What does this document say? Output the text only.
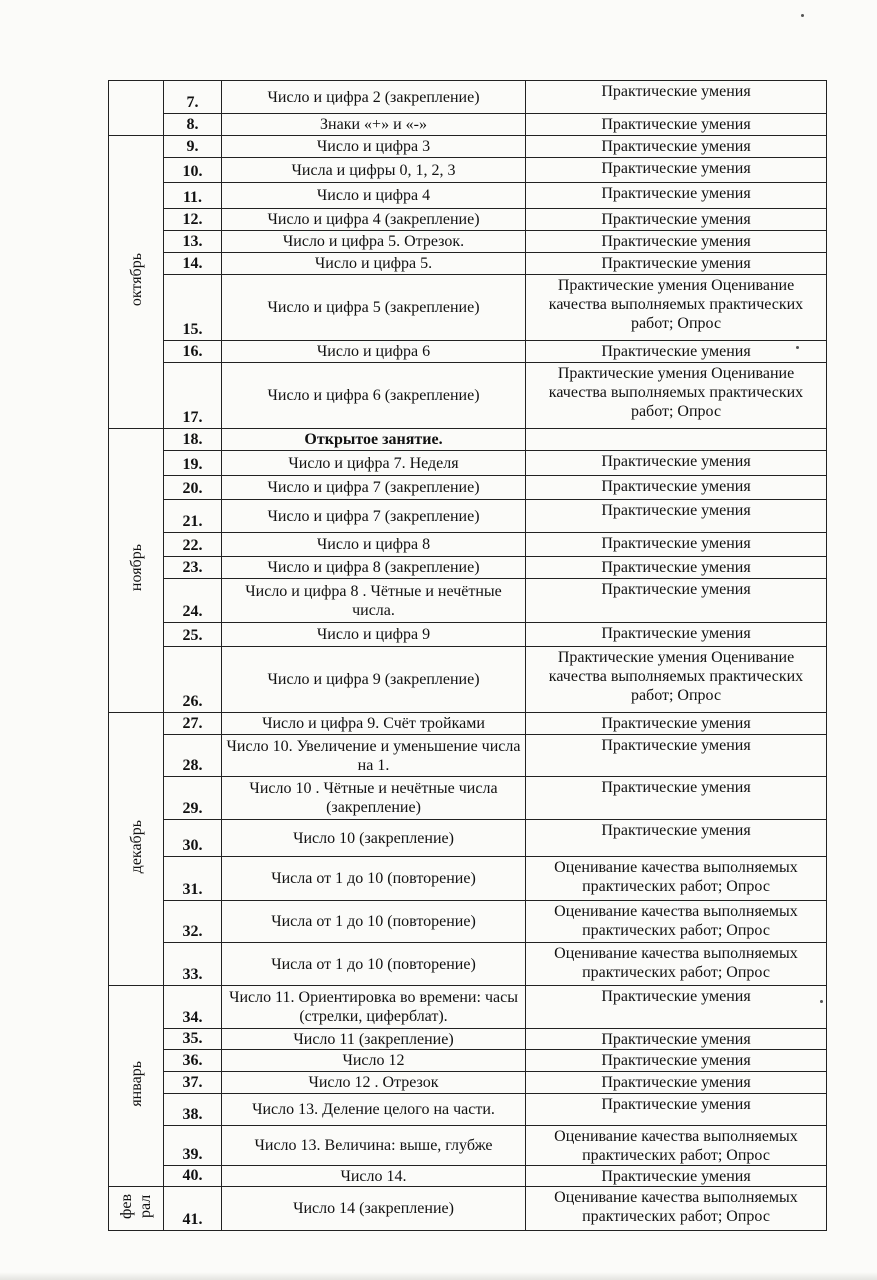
	7.	Число и цифра 2 (закрепление)	Практические умения
	8.	Знаки «+» и «-»	Практические умения
октябрь	9.	Число и цифра 3	Практические умения
	10.	Числа и цифры 0, 1, 2, 3	Практические умения
	11.	Число и цифра 4	Практические умения
	12.	Число и цифра 4 (закрепление)	Практические умения
	13.	Число и цифра 5. Отрезок.	Практические умения
	14.	Число и цифра 5.	Практические умения
	15.	Число и цифра 5 (закрепление)	Практические умения Оценивание качества выполняемых практических работ; Опрос
	16.	Число и цифра 6	Практические умения
	17.	Число и цифра 6 (закрепление)	Практические умения Оценивание качества выполняемых практических работ; Опрос
ноябрь	18.	Открытое занятие.	
	19.	Число и цифра 7. Неделя	Практические умения
	20.	Число и цифра 7 (закрепление)	Практические умения
	21.	Число и цифра 7 (закрепление)	Практические умения
	22.	Число и цифра 8	Практические умения
	23.	Число и цифра 8 (закрепление)	Практические умения
	24.	Число и цифра 8 . Чётные и нечётные числа.	Практические умения
	25.	Число и цифра 9	Практические умения
	26.	Число и цифра 9 (закрепление)	Практические умения Оценивание качества выполняемых практических работ; Опрос
декабрь	27.	Число и цифра 9. Счёт тройками	Практические умения
	28.	Число 10. Увеличение и уменьшение числа на 1.	Практические умения
	29.	Число 10 . Чётные и нечётные числа (закрепление)	Практические умения
	30.	Число 10 (закрепление)	Практические умения
	31.	Числа от 1 до 10 (повторение)	Оценивание качества выполняемых практических работ; Опрос
	32.	Числа от 1 до 10 (повторение)	Оценивание качества выполняемых практических работ; Опрос
	33.	Числа от 1 до 10 (повторение)	Оценивание качества выполняемых практических работ; Опрос
январь	34.	Число 11. Ориентировка во времени: часы (стрелки, циферблат).	Практические умения
	35.	Число 11 (закрепление)	Практические умения
	36.	Число 12	Практические умения
	37.	Число 12 . Отрезок	Практические умения
	38.	Число 13. Деление целого на части.	Практические умения
	39.	Число 13. Величина: выше, глубже	Оценивание качества выполняемых практических работ; Опрос
	40.	Число 14.	Практические умения
фев рал	41.	Число 14 (закрепление)	Оценивание качества выполняемых практических работ; Опрос
